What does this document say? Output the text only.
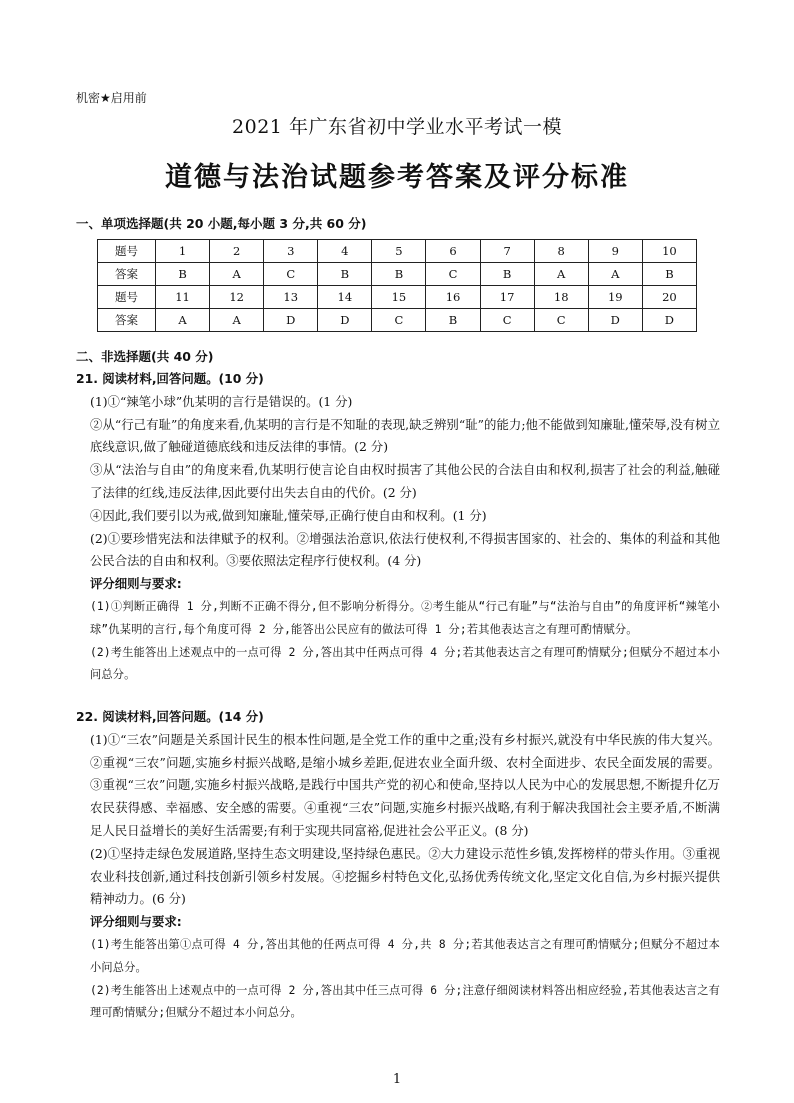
机密★启用前
2021 年广东省初中学业水平考试一模
道德与法治试题参考答案及评分标准
一、单项选择题(共 20 小题,每小题 3 分,共 60 分)
题号	1	2	3	4	5	6	7	8	9	10
答案	B	A	C	B	B	C	B	A	A	B
题号	11	12	13	14	15	16	17	18	19	20
答案	A	A	D	D	C	B	C	C	D	D
二、非选择题(共 40 分)

21. 阅读材料,回答问题。(10 分)

(1)①“辣笔小球”仇某明的言行是错误的。(1 分)

②从“行己有耻”的角度来看,仇某明的言行是不知耻的表现,缺乏辨别“耻”的能力;他不能做到知廉耻,懂荣辱,没有树立底线意识,做了触碰道德底线和违反法律的事情。(2 分)

③从“法治与自由”的角度来看,仇某明行使言论自由权时损害了其他公民的合法自由和权利,损害了社会的利益,触碰了法律的红线,违反法律,因此要付出失去自由的代价。(2 分)

④因此,我们要引以为戒,做到知廉耻,懂荣辱,正确行使自由和权利。(1 分)

(2)①要珍惜宪法和法律赋予的权利。②增强法治意识,依法行使权利,不得损害国家的、社会的、集体的利益和其他公民合法的自由和权利。③要依照法定程序行使权利。(4 分)

评分细则与要求:

(1)①判断正确得 1 分,判断不正确不得分,但不影响分析得分。②考生能从“行己有耻”与“法治与自由”的角度评析“辣笔小球”仇某明的言行,每个角度可得 2 分,能答出公民应有的做法可得 1 分;若其他表达言之有理可酌情赋分。

(2)考生能答出上述观点中的一点可得 2 分,答出其中任两点可得 4 分;若其他表达言之有理可酌情赋分;但赋分不超过本小问总分。

22. 阅读材料,回答问题。(14 分)

(1)①“三农”问题是关系国计民生的根本性问题,是全党工作的重中之重;没有乡村振兴,就没有中华民族的伟大复兴。②重视“三农”问题,实施乡村振兴战略,是缩小城乡差距,促进农业全面升级、农村全面进步、农民全面发展的需要。③重视“三农”问题,实施乡村振兴战略,是践行中国共产党的初心和使命,坚持以人民为中心的发展思想,不断提升亿万农民获得感、幸福感、安全感的需要。④重视“三农”问题,实施乡村振兴战略,有利于解决我国社会主要矛盾,不断满足人民日益增长的美好生活需要;有利于实现共同富裕,促进社会公平正义。(8 分)

(2)①坚持走绿色发展道路,坚持生态文明建设,坚持绿色惠民。②大力建设示范性乡镇,发挥榜样的带头作用。③重视农业科技创新,通过科技创新引领乡村发展。④挖掘乡村特色文化,弘扬优秀传统文化,坚定文化自信,为乡村振兴提供精神动力。(6 分)

评分细则与要求:

(1)考生能答出第①点可得 4 分,答出其他的任两点可得 4 分,共 8 分;若其他表达言之有理可酌情赋分;但赋分不超过本小问总分。

(2)考生能答出上述观点中的一点可得 2 分,答出其中任三点可得 6 分;注意仔细阅读材料答出相应经验,若其他表达言之有理可酌情赋分;但赋分不超过本小问总分。

1
